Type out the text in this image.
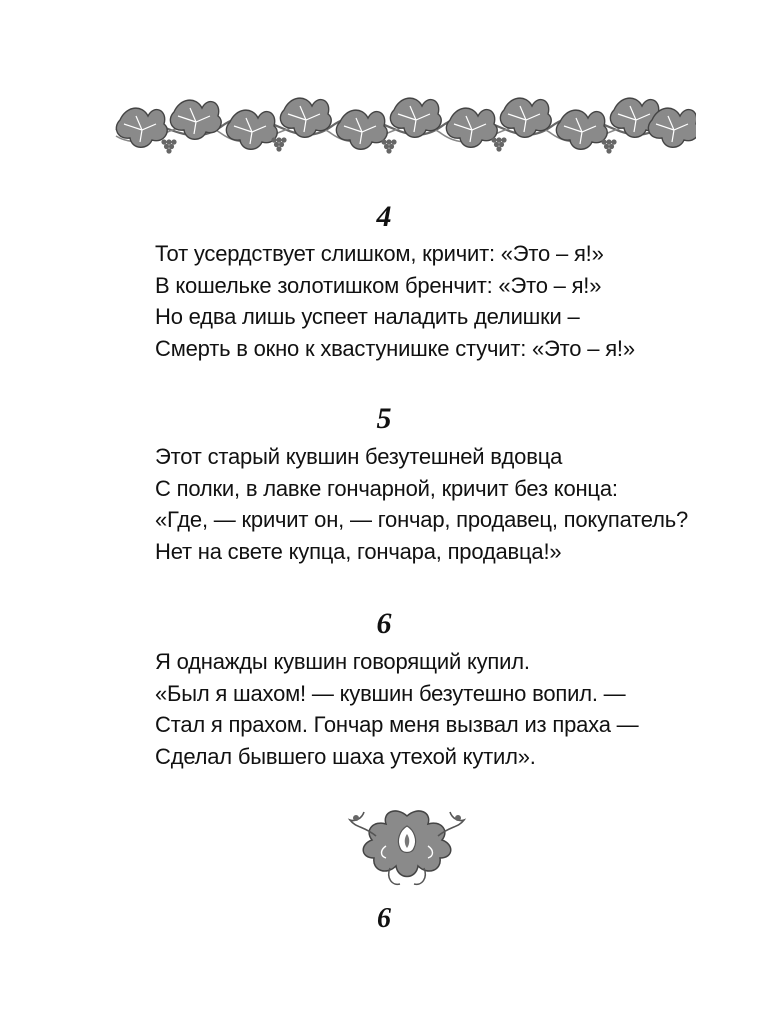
4
Тот усердствует слишком, кричит: «Это – я!»
В кошельке золотишком бренчит: «Это – я!»
Но едва лишь успеет наладить делишки –
Смерть в окно к хвастунишке стучит: «Это – я!»
5
Этот старый кувшин безутешней вдовца
С полки, в лавке гончарной, кричит без конца:
«Где, — кричит он, — гончар, продавец, покупатель?
Нет на свете купца, гончара, продавца!»
6
Я однажды кувшин говорящий купил.
«Был я шахом! — кувшин безутешно вопил. —
Стал я прахом. Гончар меня вызвал из праха —
Сделал бывшего шаха утехой кутил».
6
